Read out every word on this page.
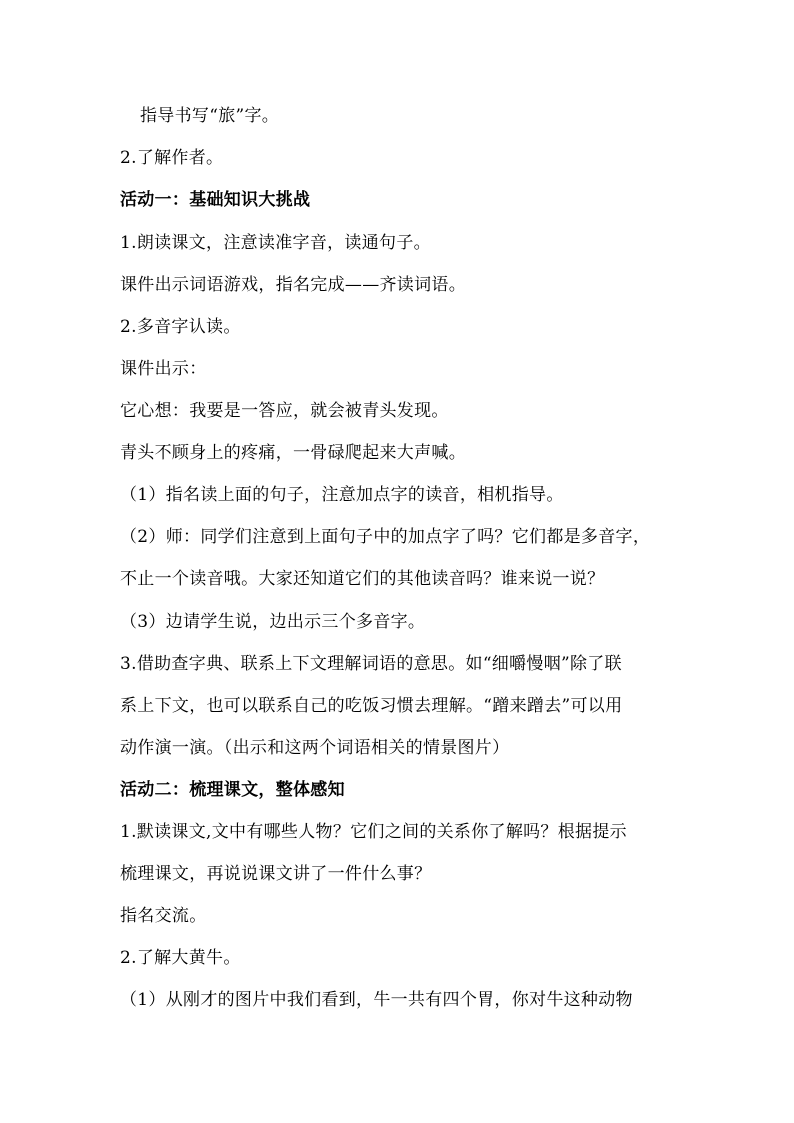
指导书写“旅”字。
2.了解作者。
活动一：基础知识大挑战
1.朗读课文，注意读准字音，读通句子。
课件出示词语游戏，指名完成——齐读词语。
2.多音字认读。
课件出示：
它心想：我要是一答应，就会被青头发现。
青头不顾身上的疼痛，一骨碌爬起来大声喊。
（1）指名读上面的句子，注意加点字的读音，相机指导。
（2）师：同学们注意到上面句子中的加点字了吗？它们都是多音字，
不止一个读音哦。大家还知道它们的其他读音吗？谁来说一说？
（3）边请学生说，边出示三个多音字。
3.借助查字典、联系上下文理解词语的意思。如“细嚼慢咽”除了联
系上下文，也可以联系自己的吃饭习惯去理解。“蹭来蹭去”可以用
动作演一演。（出示和这两个词语相关的情景图片）
活动二：梳理课文，整体感知
1.默读课文,文中有哪些人物？它们之间的关系你了解吗？根据提示
梳理课文，再说说课文讲了一件什么事？
指名交流。
2.了解大黄牛。
（1）从刚才的图片中我们看到，牛一共有四个胃，你对牛这种动物
